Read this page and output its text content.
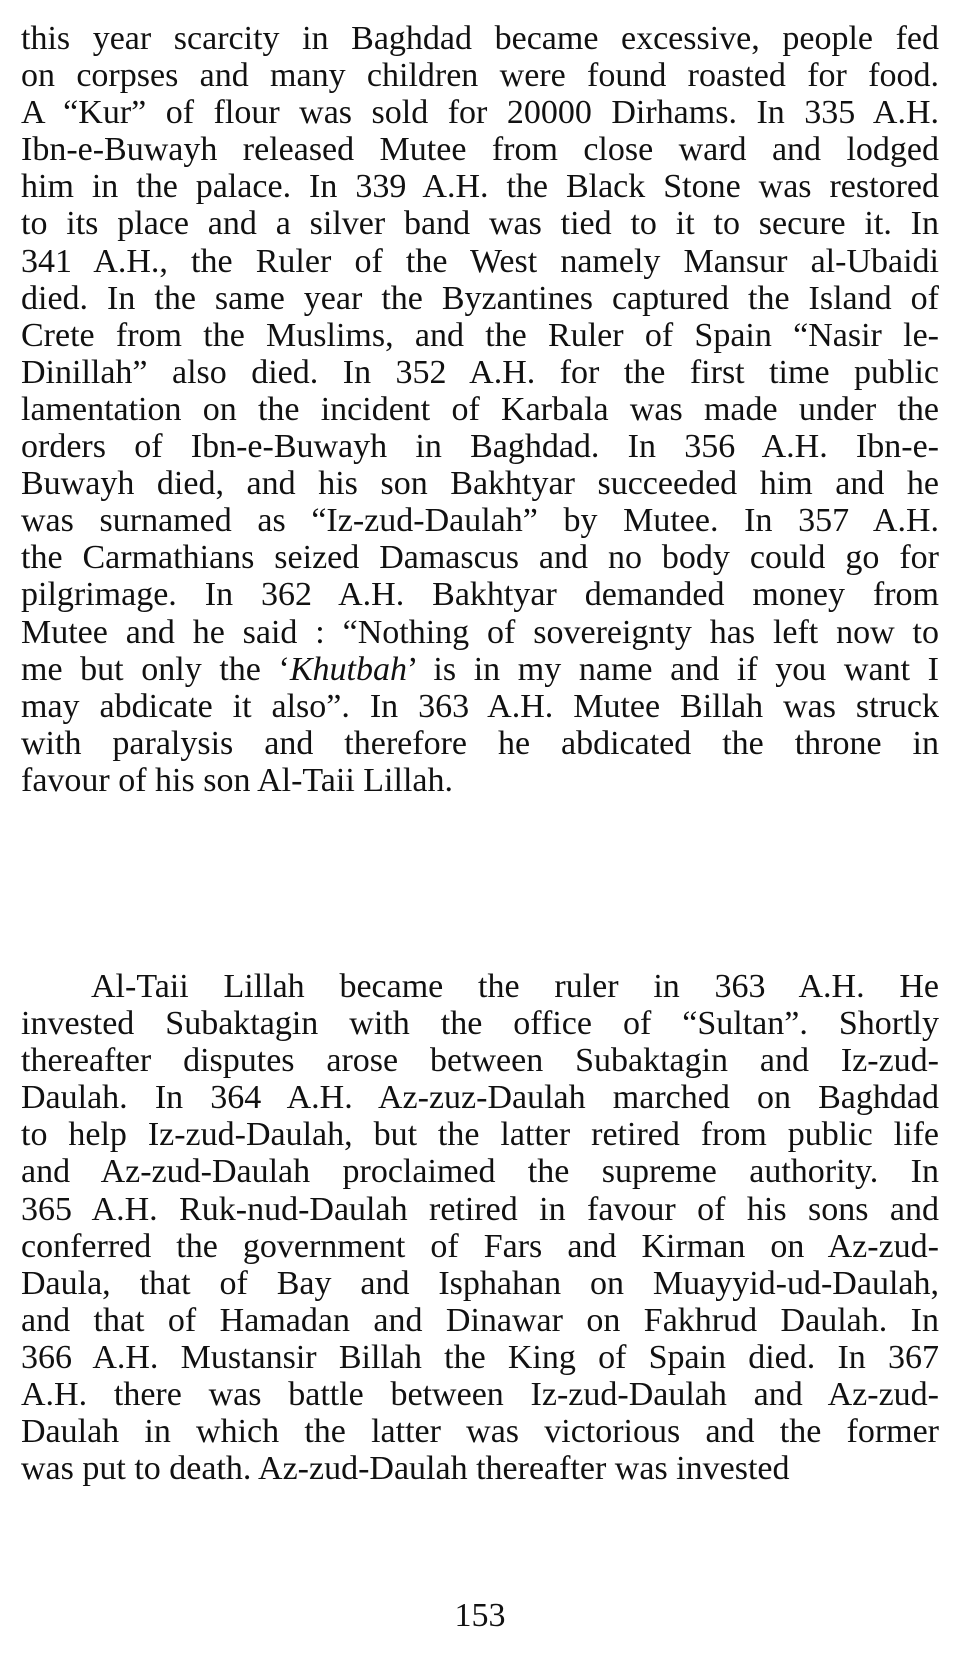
this year scarcity in Baghdad became excessive, people fed
on corpses and many children were found roasted for food.
A “Kur” of flour was sold for 20000 Dirhams. In 335 A.H.
Ibn-e-Buwayh released Mutee from close ward and lodged
him in the palace. In 339 A.H. the Black Stone was restored
to its place and a silver band was tied to it to secure it. In
341 A.H., the Ruler of the West namely Mansur al-Ubaidi
died. In the same year the Byzantines captured the Island of
Crete from the Muslims, and the Ruler of Spain “Nasir le-
Dinillah” also died. In 352 A.H. for the first time public
lamentation on the incident of Karbala was made under the
orders of Ibn-e-Buwayh in Baghdad. In 356 A.H. Ibn-e-
Buwayh died, and his son Bakhtyar succeeded him and he
was surnamed as “Iz-zud-Daulah” by Mutee. In 357 A.H.
the Carmathians seized Damascus and no body could go for
pilgrimage. In 362 A.H. Bakhtyar demanded money from
Mutee and he said : “Nothing of sovereignty has left now to
me but only the ‘Khutbah’ is in my name and if you want I
may abdicate it also”. In 363 A.H. Mutee Billah was struck
with paralysis and therefore he abdicated the throne in
favour of his son Al-Taii Lillah.

Al-Taii Lillah became the ruler in 363 A.H. He
invested Subaktagin with the office of “Sultan”. Shortly
thereafter disputes arose between Subaktagin and Iz-zud-
Daulah. In 364 A.H. Az-zuz-Daulah marched on Baghdad
to help Iz-zud-Daulah, but the latter retired from public life
and Az-zud-Daulah proclaimed the supreme authority. In
365 A.H. Ruk-nud-Daulah retired in favour of his sons and
conferred the government of Fars and Kirman on Az-zud-
Daula, that of Bay and Isphahan on Muayyid-ud-Daulah,
and that of Hamadan and Dinawar on Fakhrud Daulah. In
366 A.H. Mustansir Billah the King of Spain died. In 367
A.H. there was battle between Iz-zud-Daulah and Az-zud-
Daulah in which the latter was victorious and the former
was put to death. Az-zud-Daulah thereafter was invested

153
